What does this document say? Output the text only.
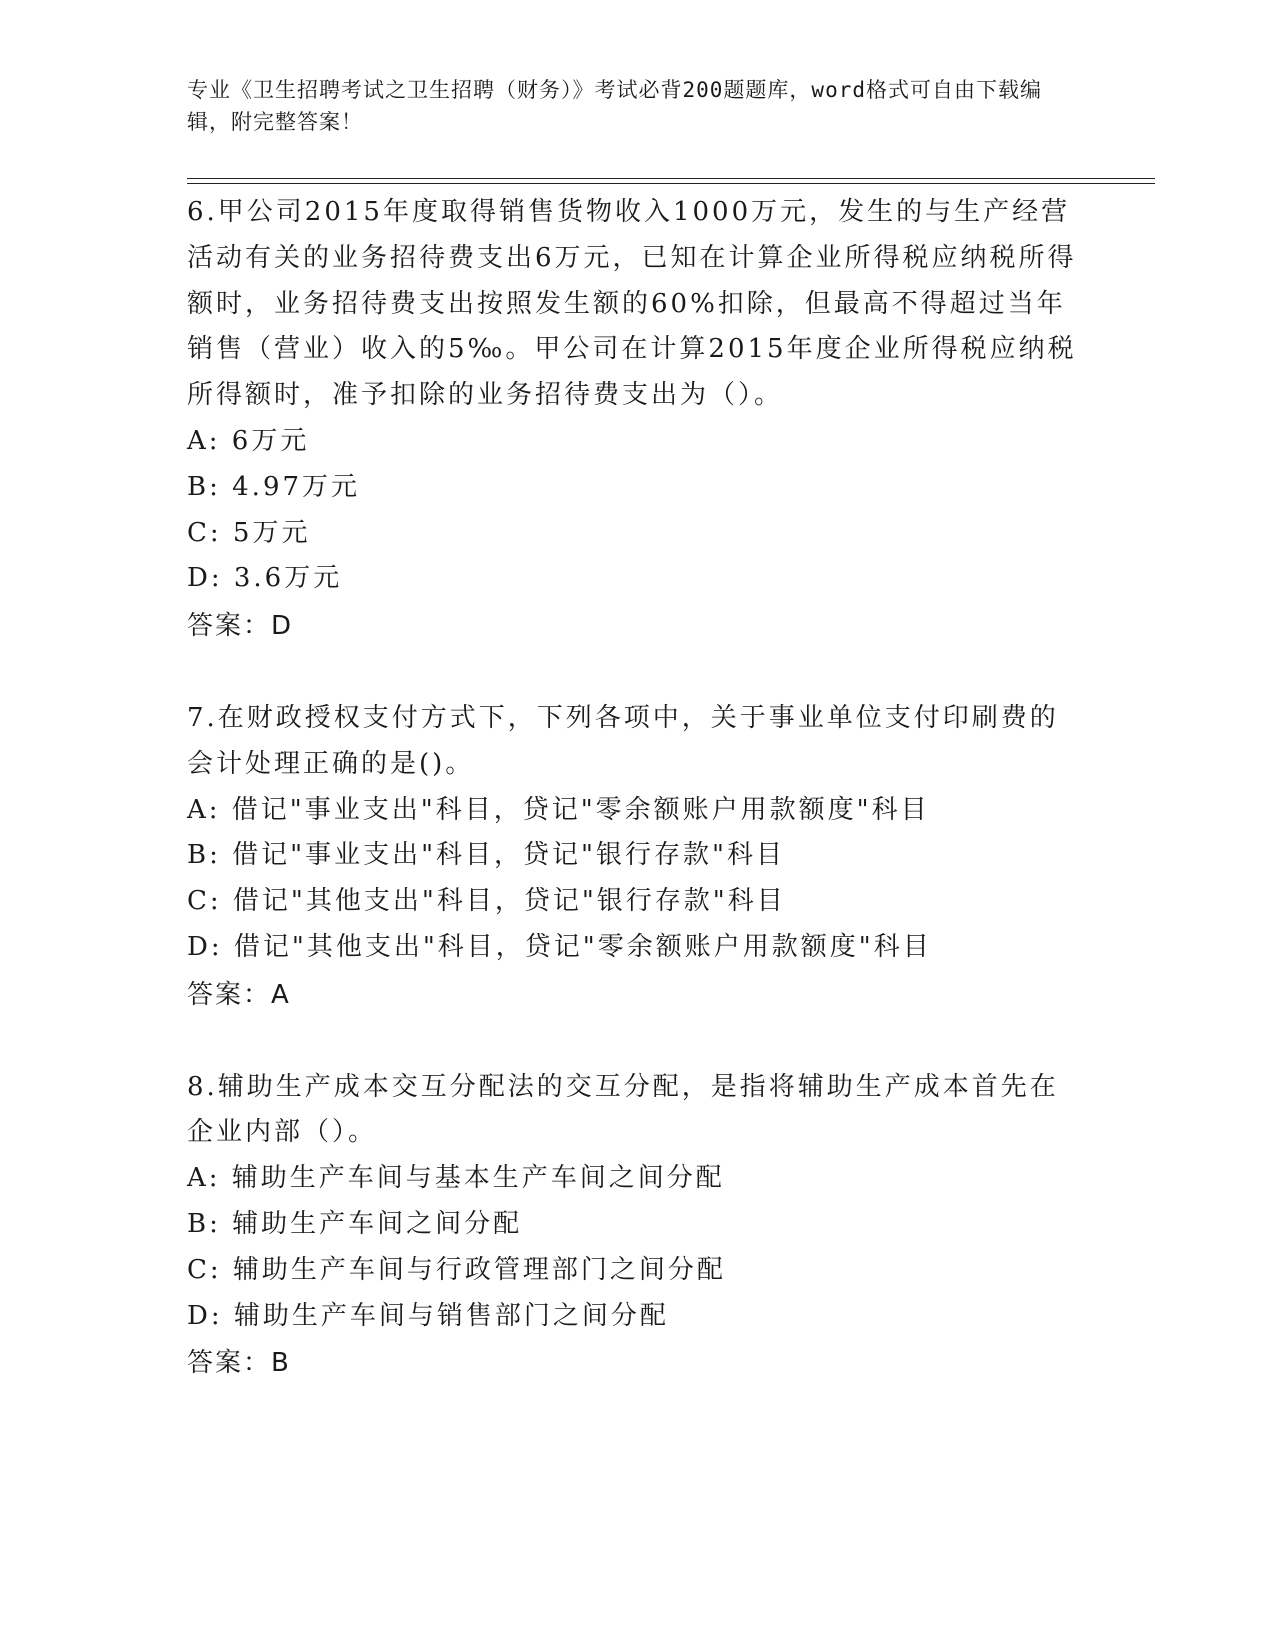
专业《卫生招聘考试之卫生招聘（财务）》考试必背200题题库，word格式可自由下载编辑，附完整答案！
6.甲公司2015年度取得销售货物收入1000万元，发生的与生产经营活动有关的业务招待费支出6万元，已知在计算企业所得税应纳税所得额时，业务招待费支出按照发生额的60%扣除，但最高不得超过当年销售（营业）收入的5‰。甲公司在计算2015年度企业所得税应纳税所得额时，准予扣除的业务招待费支出为（）。
A: 6万元
B: 4.97万元
C: 5万元
D: 3.6万元
答案：D
7.在财政授权支付方式下，下列各项中，关于事业单位支付印刷费的会计处理正确的是()。
A: 借记"事业支出"科目，贷记"零余额账户用款额度"科目
B: 借记"事业支出"科目，贷记"银行存款"科目
C: 借记"其他支出"科目，贷记"银行存款"科目
D: 借记"其他支出"科目，贷记"零余额账户用款额度"科目
答案：A
8.辅助生产成本交互分配法的交互分配，是指将辅助生产成本首先在企业内部（）。
A: 辅助生产车间与基本生产车间之间分配
B: 辅助生产车间之间分配
C: 辅助生产车间与行政管理部门之间分配
D: 辅助生产车间与销售部门之间分配
答案：B
